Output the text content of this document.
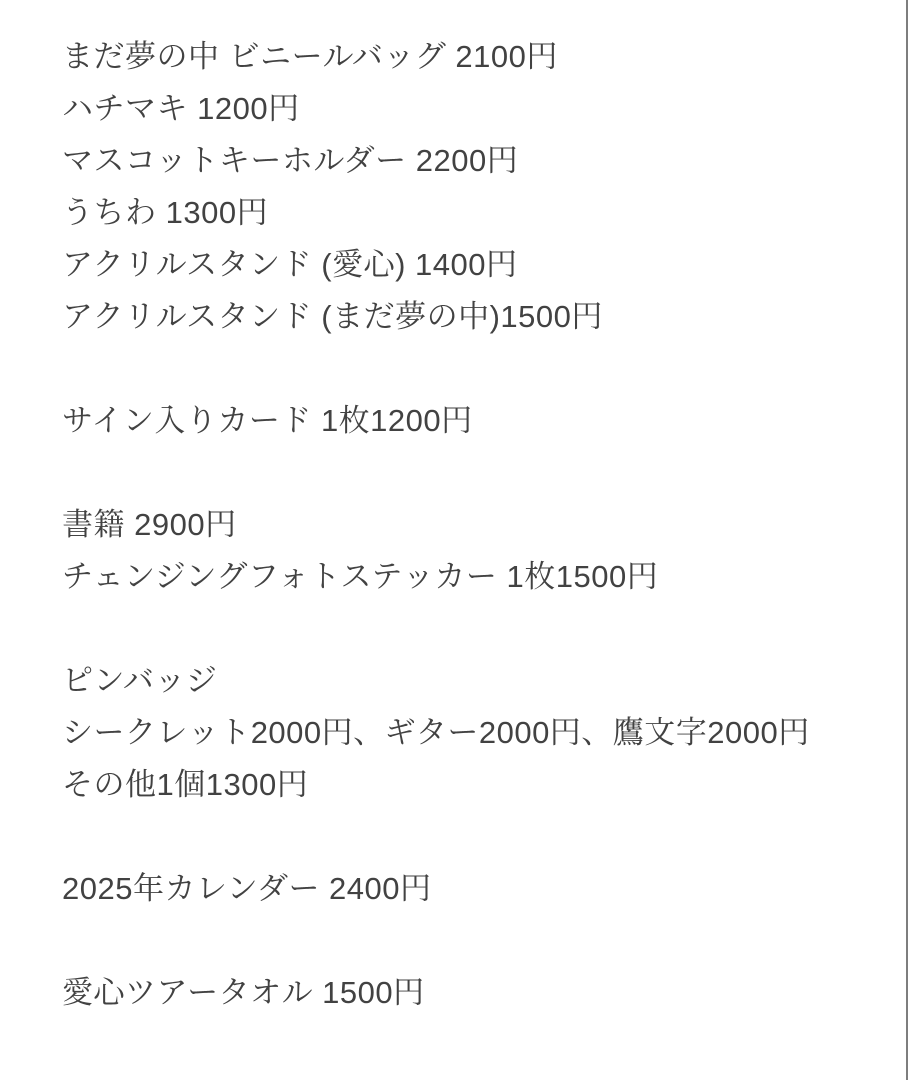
まだ夢の中 ビニールバッグ 2100円
ハチマキ 1200円
マスコットキーホルダー 2200円
うちわ 1300円
アクリルスタンド (愛心) 1400円
アクリルスタンド (まだ夢の中)1500円

サイン入りカード 1枚1200円

書籍 2900円
チェンジングフォトステッカー 1枚1500円

ピンバッジ
シークレット2000円、ギター2000円、鷹文字2000円
その他1個1300円

2025年カレンダー 2400円

愛心ツアータオル 1500円
